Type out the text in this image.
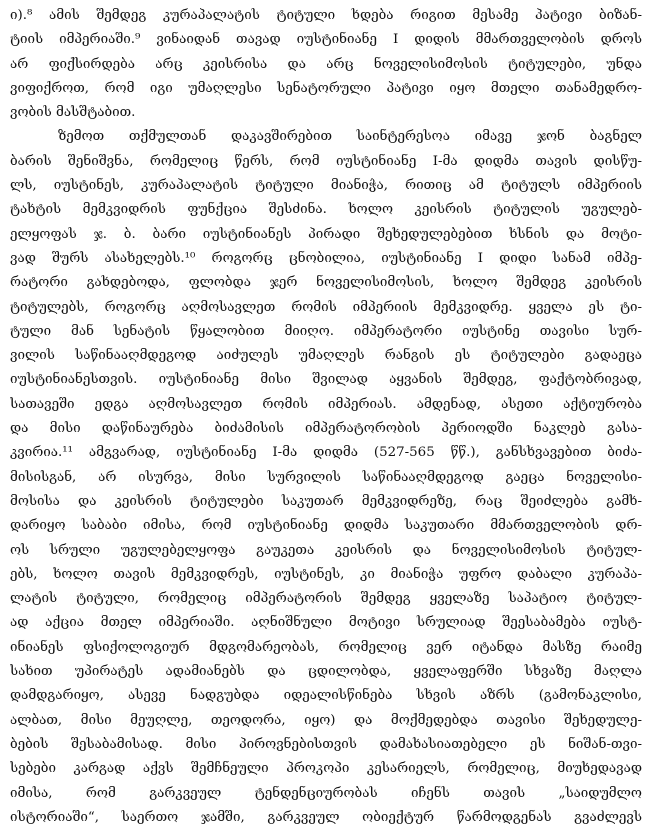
ი).⁸ ამის შემდეგ კურაპალატის ტიტული ხდება რიგით მესამე პატივი ბიზან-
ტიის იმპერიაში.⁹ ვინაიდან თავად იუსტინიანე I დიდის მმართველობის დროს
არ ფიქსირდება არც კეისრისა და არც ნოველისიმოსის ტიტულები, უნდა
ვიფიქროთ, რომ იგი უმაღლესი სენატორული პატივი იყო მთელი თანამედრო-
ვობის მასშტაბით.
ზემოთ თქმულთან დაკავშირებით საინტერესოა იმავე ჯონ ბაგნელ
ბარის შენიშვნა, რომელიც წერს, რომ იუსტინიანე I-მა დიდმა თავის დისწუ-
ლს, იუსტინეს, კურაპალატის ტიტული მიანიჭა, რითიც ამ ტიტულს იმპერიის
ტახტის მემკვიდრის ფუნქცია შესძინა. ხოლო კეისრის ტიტულის უგულებ-
ელყოფას ჯ. ბ. ბარი იუსტინიანეს პირადი შეხედულებებით ხსნის და მოტი-
ვად შურს ასახელებს.¹⁰ როგორც ცნობილია, იუსტინიანე I დიდი სანამ იმპე-
რატორი გახდებოდა, ფლობდა ჯერ ნოველისიმოსის, ხოლო შემდეგ კეისრის
ტიტულებს, როგორც აღმოსავლეთ რომის იმპერიის მემკვიდრე. ყველა ეს ტი-
ტული მან სენატის წყალობით მიიღო. იმპერატორი იუსტინე თავისი სურ-
ვილის საწინააღმდეგოდ აიძულეს უმაღლეს რანგის ეს ტიტულები გადაეცა
იუსტინიანესთვის. იუსტინიანე მისი შვილად აყვანის შემდეგ, ფაქტობრივად,
სათავეში ედგა აღმოსავლეთ რომის იმპერიას. ამდენად, ასეთი აქტიურობა
და მისი დაწინაურება ბიძამისის იმპერატორობის პერიოდში ნაკლებ გასა-
კვირია.¹¹ ამგვარად, იუსტინიანე I-მა დიდმა (527-565 წწ.), განსხვავებით ბიძა-
მისისგან, არ ისურვა, მისი სურვილის საწინააღმდეგოდ გაეცა ნოველისი-
მოსისა და კეისრის ტიტულები საკუთარ მემკვიდრეზე, რაც შეიძლება გამხ-
დარიყო საბაბი იმისა, რომ იუსტინიანე დიდმა საკუთარი მმართველობის დრ-
ოს სრული უგულებელყოფა გაუკეთა კეისრის და ნოველისიმოსის ტიტულ-
ებს, ხოლო თავის მემკვიდრეს, იუსტინეს, კი მიანიჭა უფრო დაბალი კურაპა-
ლატის ტიტული, რომელიც იმპერატორის შემდეგ ყველაზე საპატიო ტიტულ-
ად აქცია მთელ იმპერიაში. აღნიშნული მოტივი სრულიად შეესაბამება იუსტ-
ინიანეს ფსიქოლოგიურ მდგომარეობას, რომელიც ვერ იტანდა მასზე რაიმე
სახით უპირატეს ადამიანებს და ცდილობდა, ყველაფერში სხვაზე მაღლა
დამდგარიყო, ასევე ნადგუბდა იდეალისწინება სხვის აზრს (გამონაკლისი,
ალბათ, მისი მეუღლე, თეოდორა, იყო) და მოქმედებდა თავისი შეხედულე-
ბების შესაბამისად. მისი პიროვნებისთვის დამახასიათებელი ეს ნიშან-თვი-
სებები კარგად აქვს შემჩნეული პროკოპი კესარიელს, რომელიც, მიუხედავად
იმისა, რომ გარკვეულ ტენდენციურობას იჩენს თავის „საიდუმლო
ისტორიაში“, საერთო ჯამში, გარკვეულ ობიექტურ წარმოდგენას გვაძლევს
